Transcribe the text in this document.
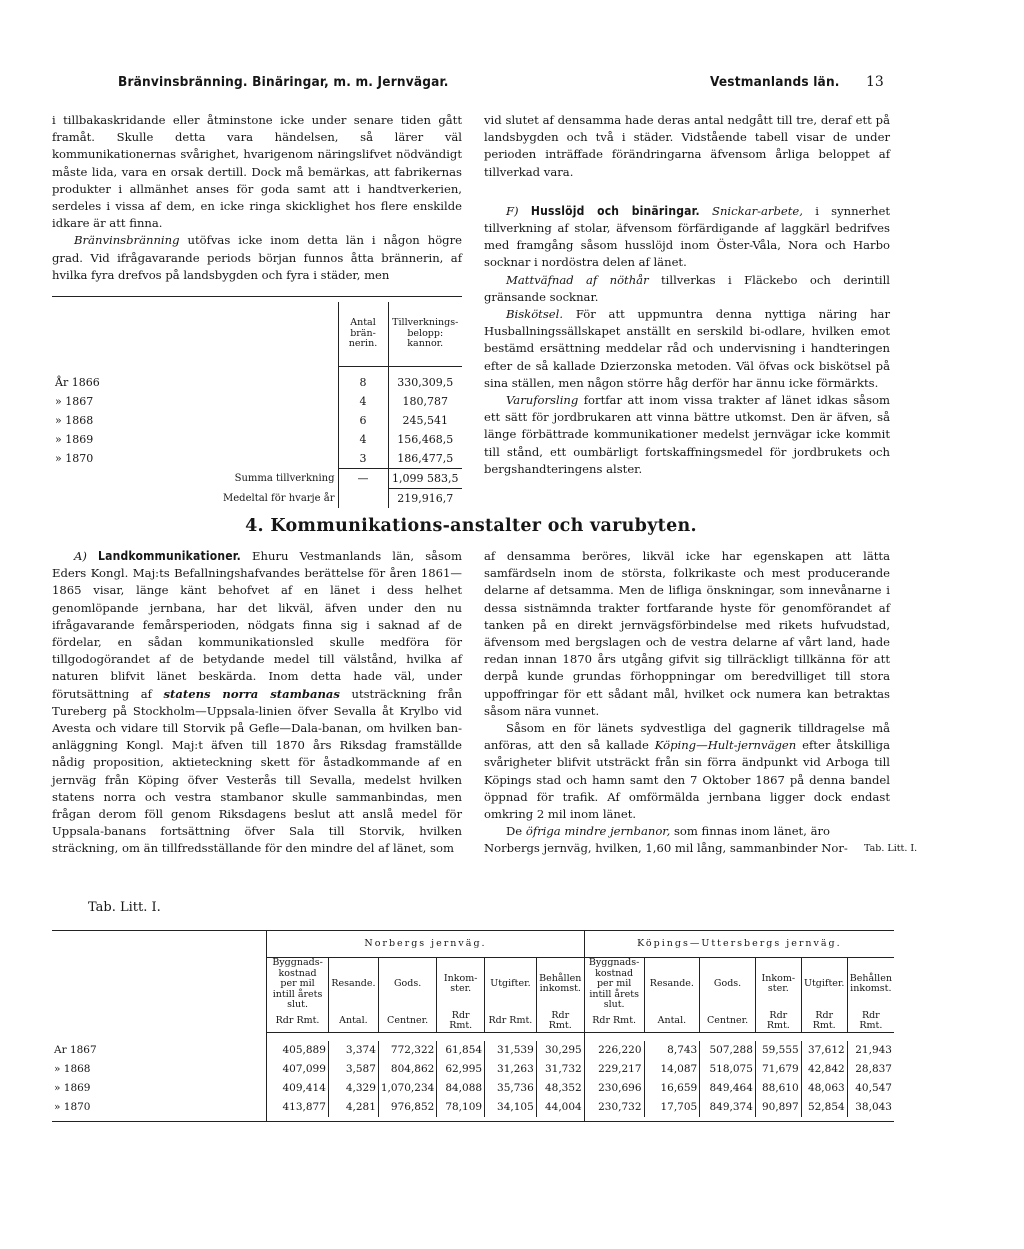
Bränvinsbränning. Binäringar, m. m. Jernvägar.	Vestmanlands län. 13

i tillbakaskridande eller åtminstone icke under senare tiden gått framåt. Skulle detta vara händelsen, så lärer väl kommunikationernas svårighet, hvarigenom näringslifvet nödvändigt måste lida, vara en orsak dertill. Dock må bemärkas, att fabrikernas produkter i allmänhet anses för goda samt att i handtverkerien, serdeles i vissa af dem, en icke ringa skicklighet hos flere enskilde idkare är att finna.

Bränvinsbränning utöfvas icke inom detta län i någon högre grad. Vid ifrågavarande periods början funnos åtta brännerin, af hvilka fyra drefvos på landsbygden och fyra i städer, men

	Antal brän-nerin.	Tillverknings-belopp: kannor.

År 1866	8	330,309,5
» 1867	4	180,787
» 1868	6	245,541
» 1869	4	156,468,5
» 1870	3	186,477,5
Summa tillverkning	—	1,099 583,5
Medeltal för hvarje år		219,916,7

vid slutet af densamma hade deras antal nedgått till tre, deraf ett på landsbygden och två i städer. Vidstående tabell visar de under perioden inträffade förändringarna äfvensom årliga beloppet af tillverkad vara.

F) Husslöjd och binäringar. Snickar-arbete, i synnerhet tillverkning af stolar, äfvensom förfärdigande af laggkärl bedrifves med framgång såsom husslöjd inom Öster-Våla, Nora och Harbo socknar i nordöstra delen af länet.

Mattväfnad af nöthår tillverkas i Fläckebo och derintill gränsande socknar.

Biskötsel. För att uppmuntra denna nyttiga näring har Husballningssällskapet anställt en serskild bi-odlare, hvilken emot bestämd ersättning meddelar råd och undervisning i handteringen efter de så kallade Dzierzonska metoden. Väl öfvas ock biskötsel på sina ställen, men någon större håg derför har ännu icke förmärkts.

Varuforsling fortfar att inom vissa trakter af länet idkas såsom ett sätt för jordbrukaren att vinna bättre utkomst. Den är äfven, så länge förbättrade kommunikationer medelst jernvägar icke kommit till stånd, ett oumbärligt fortskaffningsmedel för jordbrukets och bergshandteringens alster.

4. Kommunikations-anstalter och varubyten.

A) Landkommunikationer. Ehuru Vestmanlands län, såsom Eders Kongl. Maj:ts Befallningshafvandes berättelse för åren 1861—1865 visar, länge känt behofvet af en länet i dess helhet genomlöpande jernbana, har det likväl, äfven under den nu ifrågavarande femårsperioden, nödgats finna sig i saknad af de fördelar, en sådan kommunikationsled skulle medföra för tillgodogörandet af de betydande medel till välstånd, hvilka af naturen blifvit länet beskärda. Inom detta hade väl, under förutsättning af statens norra stambanas utsträckning från Tureberg på Stockholm—Uppsala-linien öfver Sevalla åt Krylbo vid Avesta och vidare till Storvik på Gefle—Dala-banan, om hvilken ban-anläggning Kongl. Maj:t äfven till 1870 års Riksdag framställde nådig proposition, aktieteckning skett för åstadkommande af en jernväg från Köping öfver Vesterås till Sevalla, medelst hvilken statens norra och vestra stambanor skulle sammanbindas, men frågan derom föll genom Riksdagens beslut att anslå medel för Uppsala-banans fortsättning öfver Sala till Storvik, hvilken sträckning, om än tillfredsställande för den mindre del af länet, som

af densamma beröres, likväl icke har egenskapen att lätta samfärdseln inom de största, folkrikaste och mest producerande delarne af detsamma. Men de lifliga önskningar, som innevånarne i dessa sistnämnda trakter fortfarande hyste för genomförandet af tanken på en direkt jernvägsförbindelse med rikets hufvudstad, äfvensom med bergslagen och de vestra delarne af vårt land, hade redan innan 1870 års utgång gifvit sig tillräckligt tillkänna för att derpå kunde grundas förhoppningar om beredvilliget till stora uppoffringar för ett sådant mål, hvilket ock numera kan betraktas såsom nära vunnet.

Såsom en för länets sydvestliga del gagnerik tilldragelse må anföras, att den så kallade Köping—Hult-jernvägen efter åtskilliga svårigheter blifvit utsträckt från sin förra ändpunkt vid Arboga till Köpings stad och hamn samt den 7 Oktober 1867 på denna bandel öppnad för trafik. Af omförmälda jernbana ligger dock endast omkring 2 mil inom länet.

De öfriga mindre jernbanor, som finnas inom länet, äro

Norbergs jernväg, hvilken, 1,60 mil lång, sammanbinder Nor-	Tab. Litt. I.
Tab. Litt. I.
	Norbergs jernväg.						Köpings—Uttersbergs jernväg.					
	Byggnads-kostnad per mil intill årets slut.	Resande.	Gods.	Inkom-ster.	Utgifter.	Behållen inkomst.	Byggnads-kostnad per mil intill årets slut.	Resande.	Gods.	Inkom-ster.	Utgifter.	Behållen inkomst.
	Rdr Rmt.	Antal.	Centner.	Rdr Rmt.	Rdr Rmt.	Rdr Rmt.	Rdr Rmt.	Antal.	Centner.	Rdr Rmt.	Rdr Rmt.	Rdr Rmt.

Ar 1867	405,889	3,374	772,322	61,854	31,539	30,295	226,220	8,743	507,288	59,555	37,612	21,943
» 1868	407,099	3,587	804,862	62,995	31,263	31,732	229,217	14,087	518,075	71,679	42,842	28,837
» 1869	409,414	4,329	1,070,234	84,088	35,736	48,352	230,696	16,659	849,464	88,610	48,063	40,547
» 1870	413,877	4,281	976,852	78,109	34,105	44,004	230,732	17,705	849,374	90,897	52,854	38,043
